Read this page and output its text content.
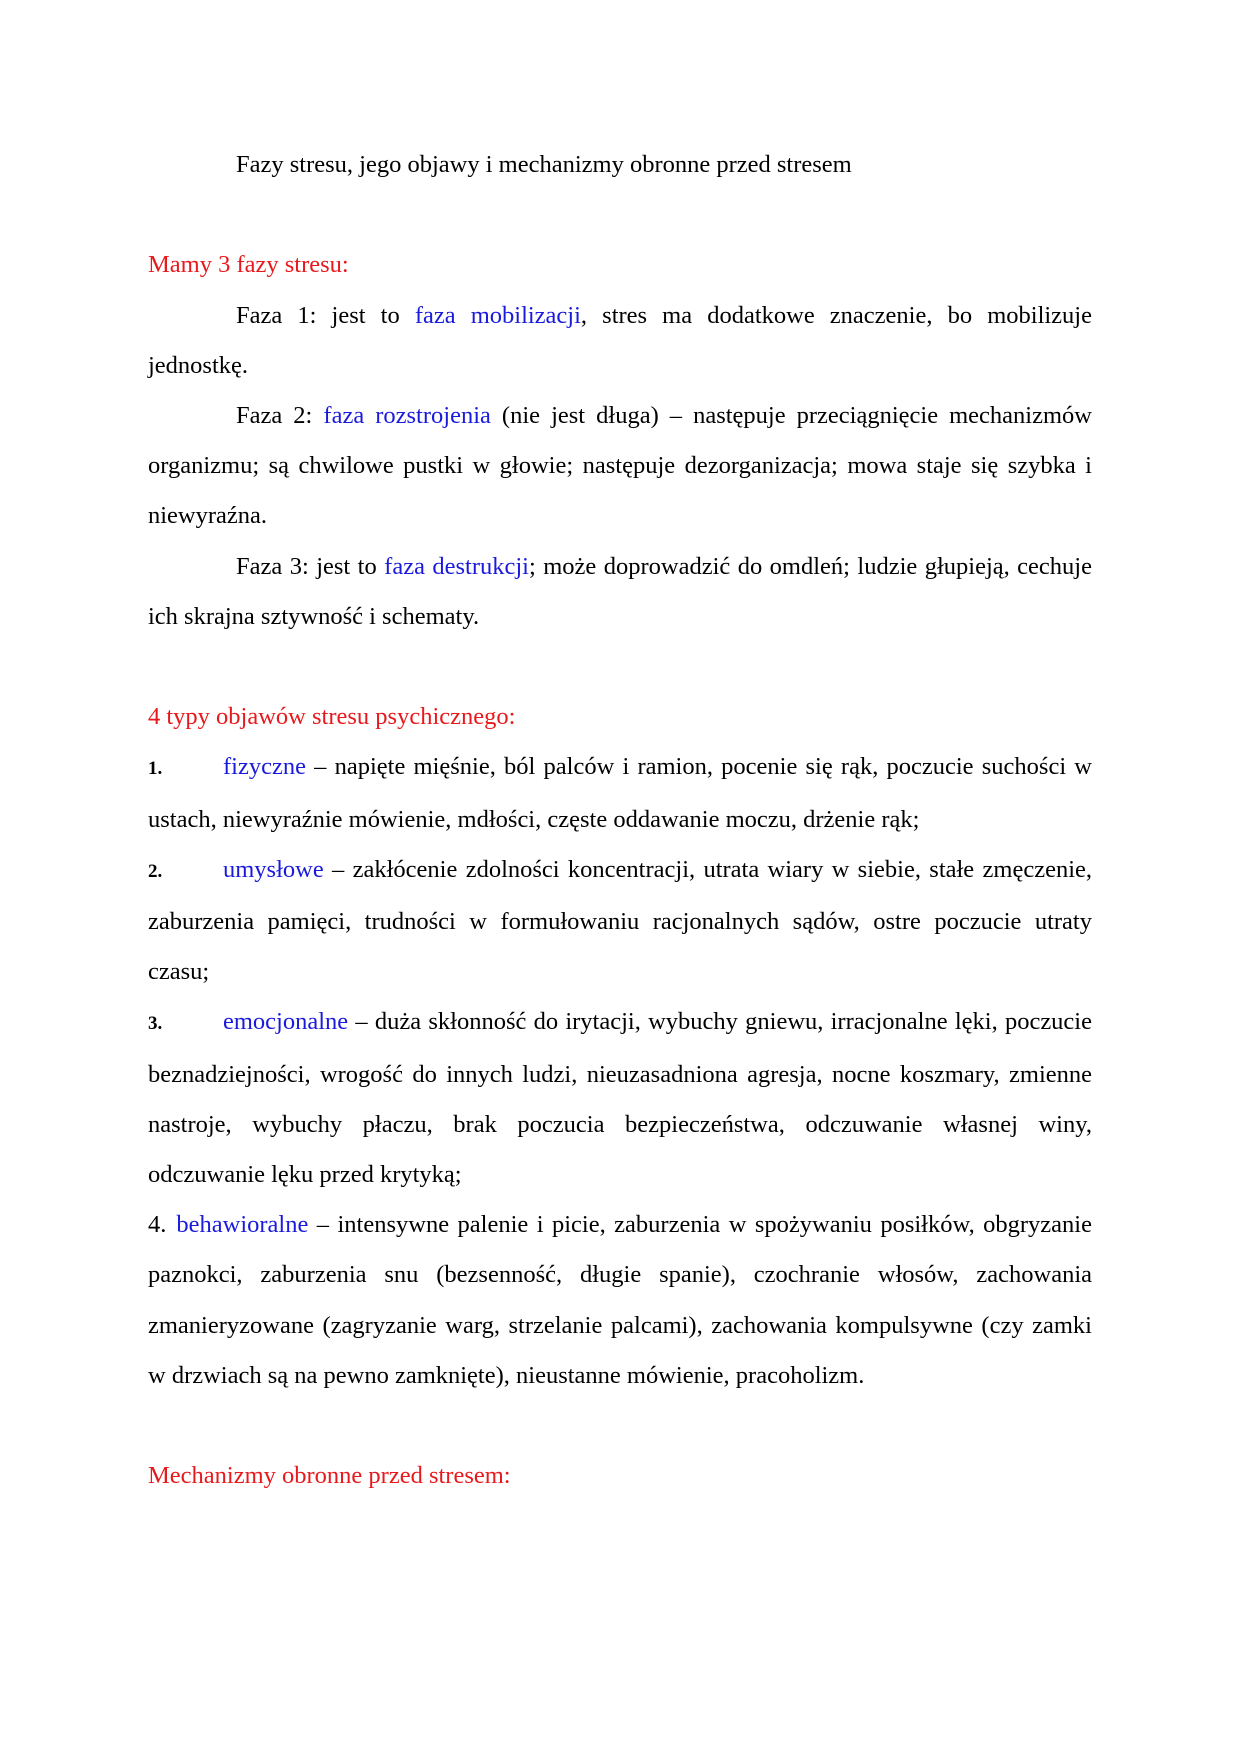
Fazy stresu, jego objawy i mechanizmy obronne przed stresem

Mamy 3 fazy stresu:

Faza 1: jest to faza mobilizacji, stres ma dodatkowe znaczenie, bo mobilizuje jednostkę.

Faza 2: faza rozstrojenia (nie jest długa) – następuje przeciągnięcie mechanizmów organizmu; są chwilowe pustki w głowie; następuje dezorganizacja; mowa staje się szybka i niewyraźna.

Faza 3: jest to faza destrukcji; może doprowadzić do omdleń; ludzie głupieją, cechuje ich skrajna sztywność i schematy.

4 typy objawów stresu psychicznego:

1. fizyczne – napięte mięśnie, ból palców i ramion, pocenie się rąk, poczucie suchości w ustach, niewyraźnie mówienie, mdłości, częste oddawanie moczu, drżenie rąk;

2. umysłowe – zakłócenie zdolności koncentracji, utrata wiary w siebie, stałe zmęczenie, zaburzenia pamięci, trudności w formułowaniu racjonalnych sądów, ostre poczucie utraty czasu;

3. emocjonalne – duża skłonność do irytacji, wybuchy gniewu, irracjonalne lęki, poczucie beznadziejności, wrogość do innych ludzi, nieuzasadniona agresja, nocne koszmary, zmienne nastroje, wybuchy płaczu, brak poczucia bezpieczeństwa, odczuwanie własnej winy, odczuwanie lęku przed krytyką;

4. behawioralne – intensywne palenie i picie, zaburzenia w spożywaniu posiłków, obgryzanie paznokci, zaburzenia snu (bezsenność, długie spanie), czochranie włosów, zachowania zmanieryzowane (zagryzanie warg, strzelanie palcami), zachowania kompulsywne (czy zamki w drzwiach są na pewno zamknięte), nieustanne mówienie, pracoholizm.

Mechanizmy obronne przed stresem:
